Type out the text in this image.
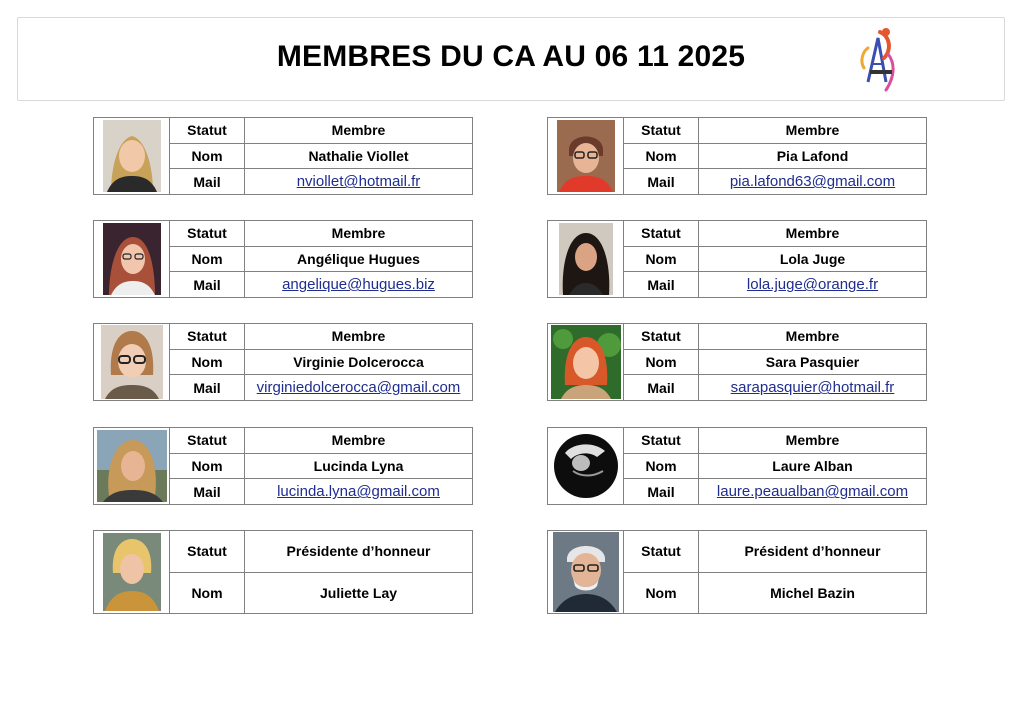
MEMBRES DU CA AU 06 11 2025
Statut	Membre
Nom	Nathalie Viollet
Mail	nviollet@hotmail.fr
Statut	Membre
Nom	Pia Lafond
Mail	pia.lafond63@gmail.com
Statut	Membre
Nom	Angélique Hugues
Mail	angelique@hugues.biz
Statut	Membre
Nom	Lola Juge
Mail	lola.juge@orange.fr
Statut	Membre
Nom	Virginie Dolcerocca
Mail	virginiedolcerocca@gmail.com
Statut	Membre
Nom	Sara Pasquier
Mail	sarapasquier@hotmail.fr
Statut	Membre
Nom	Lucinda Lyna
Mail	lucinda.lyna@gmail.com
Statut	Membre
Nom	Laure Alban
Mail	laure.peaualban@gmail.com
Statut	Présidente d’honneur
Nom	Juliette Lay
Statut	Président d’honneur
Nom	Michel Bazin
